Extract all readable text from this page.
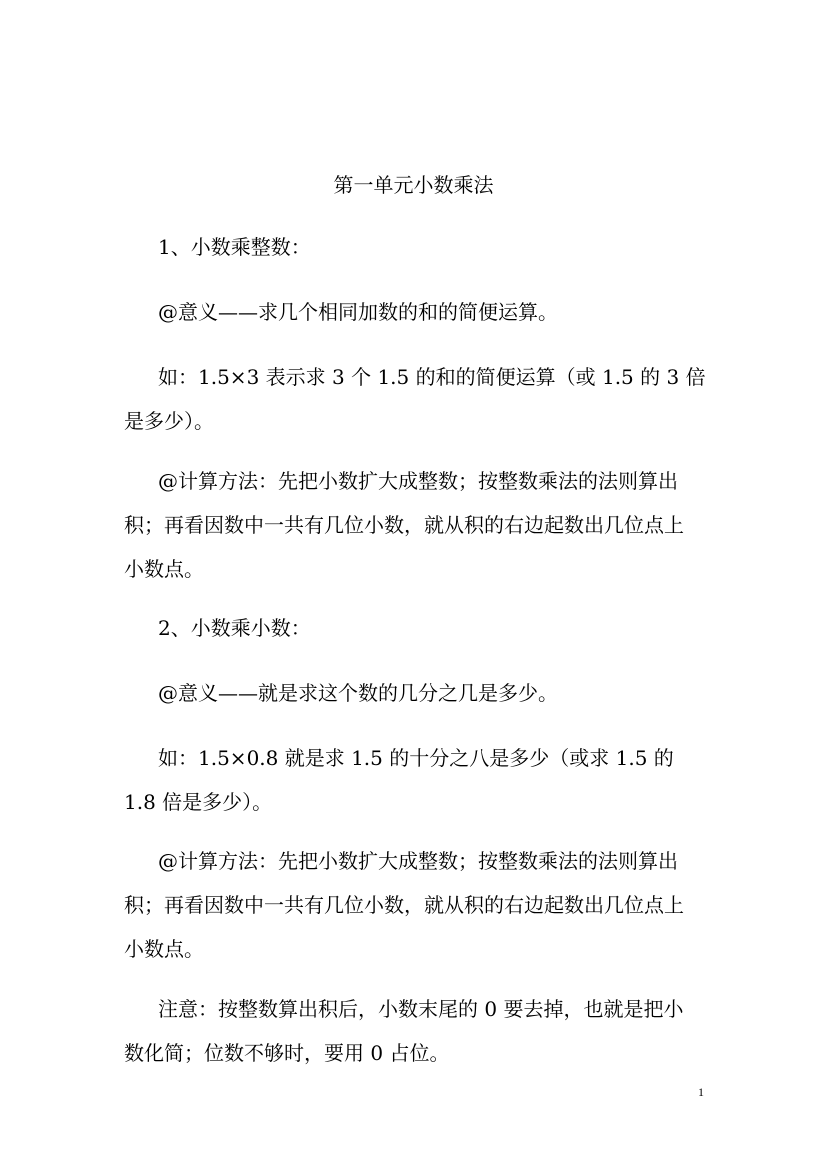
第一单元小数乘法
1、小数乘整数：
@意义——求几个相同加数的和的简便运算。
如：1.5×3 表示求 3 个 1.5 的和的简便运算（或 1.5 的 3 倍
是多少）。
@计算方法：先把小数扩大成整数；按整数乘法的法则算出
积；再看因数中一共有几位小数，就从积的右边起数出几位点上
小数点。
2、小数乘小数：
@意义——就是求这个数的几分之几是多少。
如：1.5×0.8 就是求 1.5 的十分之八是多少（或求 1.5 的
1.8 倍是多少）。
@计算方法：先把小数扩大成整数；按整数乘法的法则算出
积；再看因数中一共有几位小数，就从积的右边起数出几位点上
小数点。
注意：按整数算出积后，小数末尾的 0 要去掉，也就是把小
数化简；位数不够时，要用 0 占位。
1
